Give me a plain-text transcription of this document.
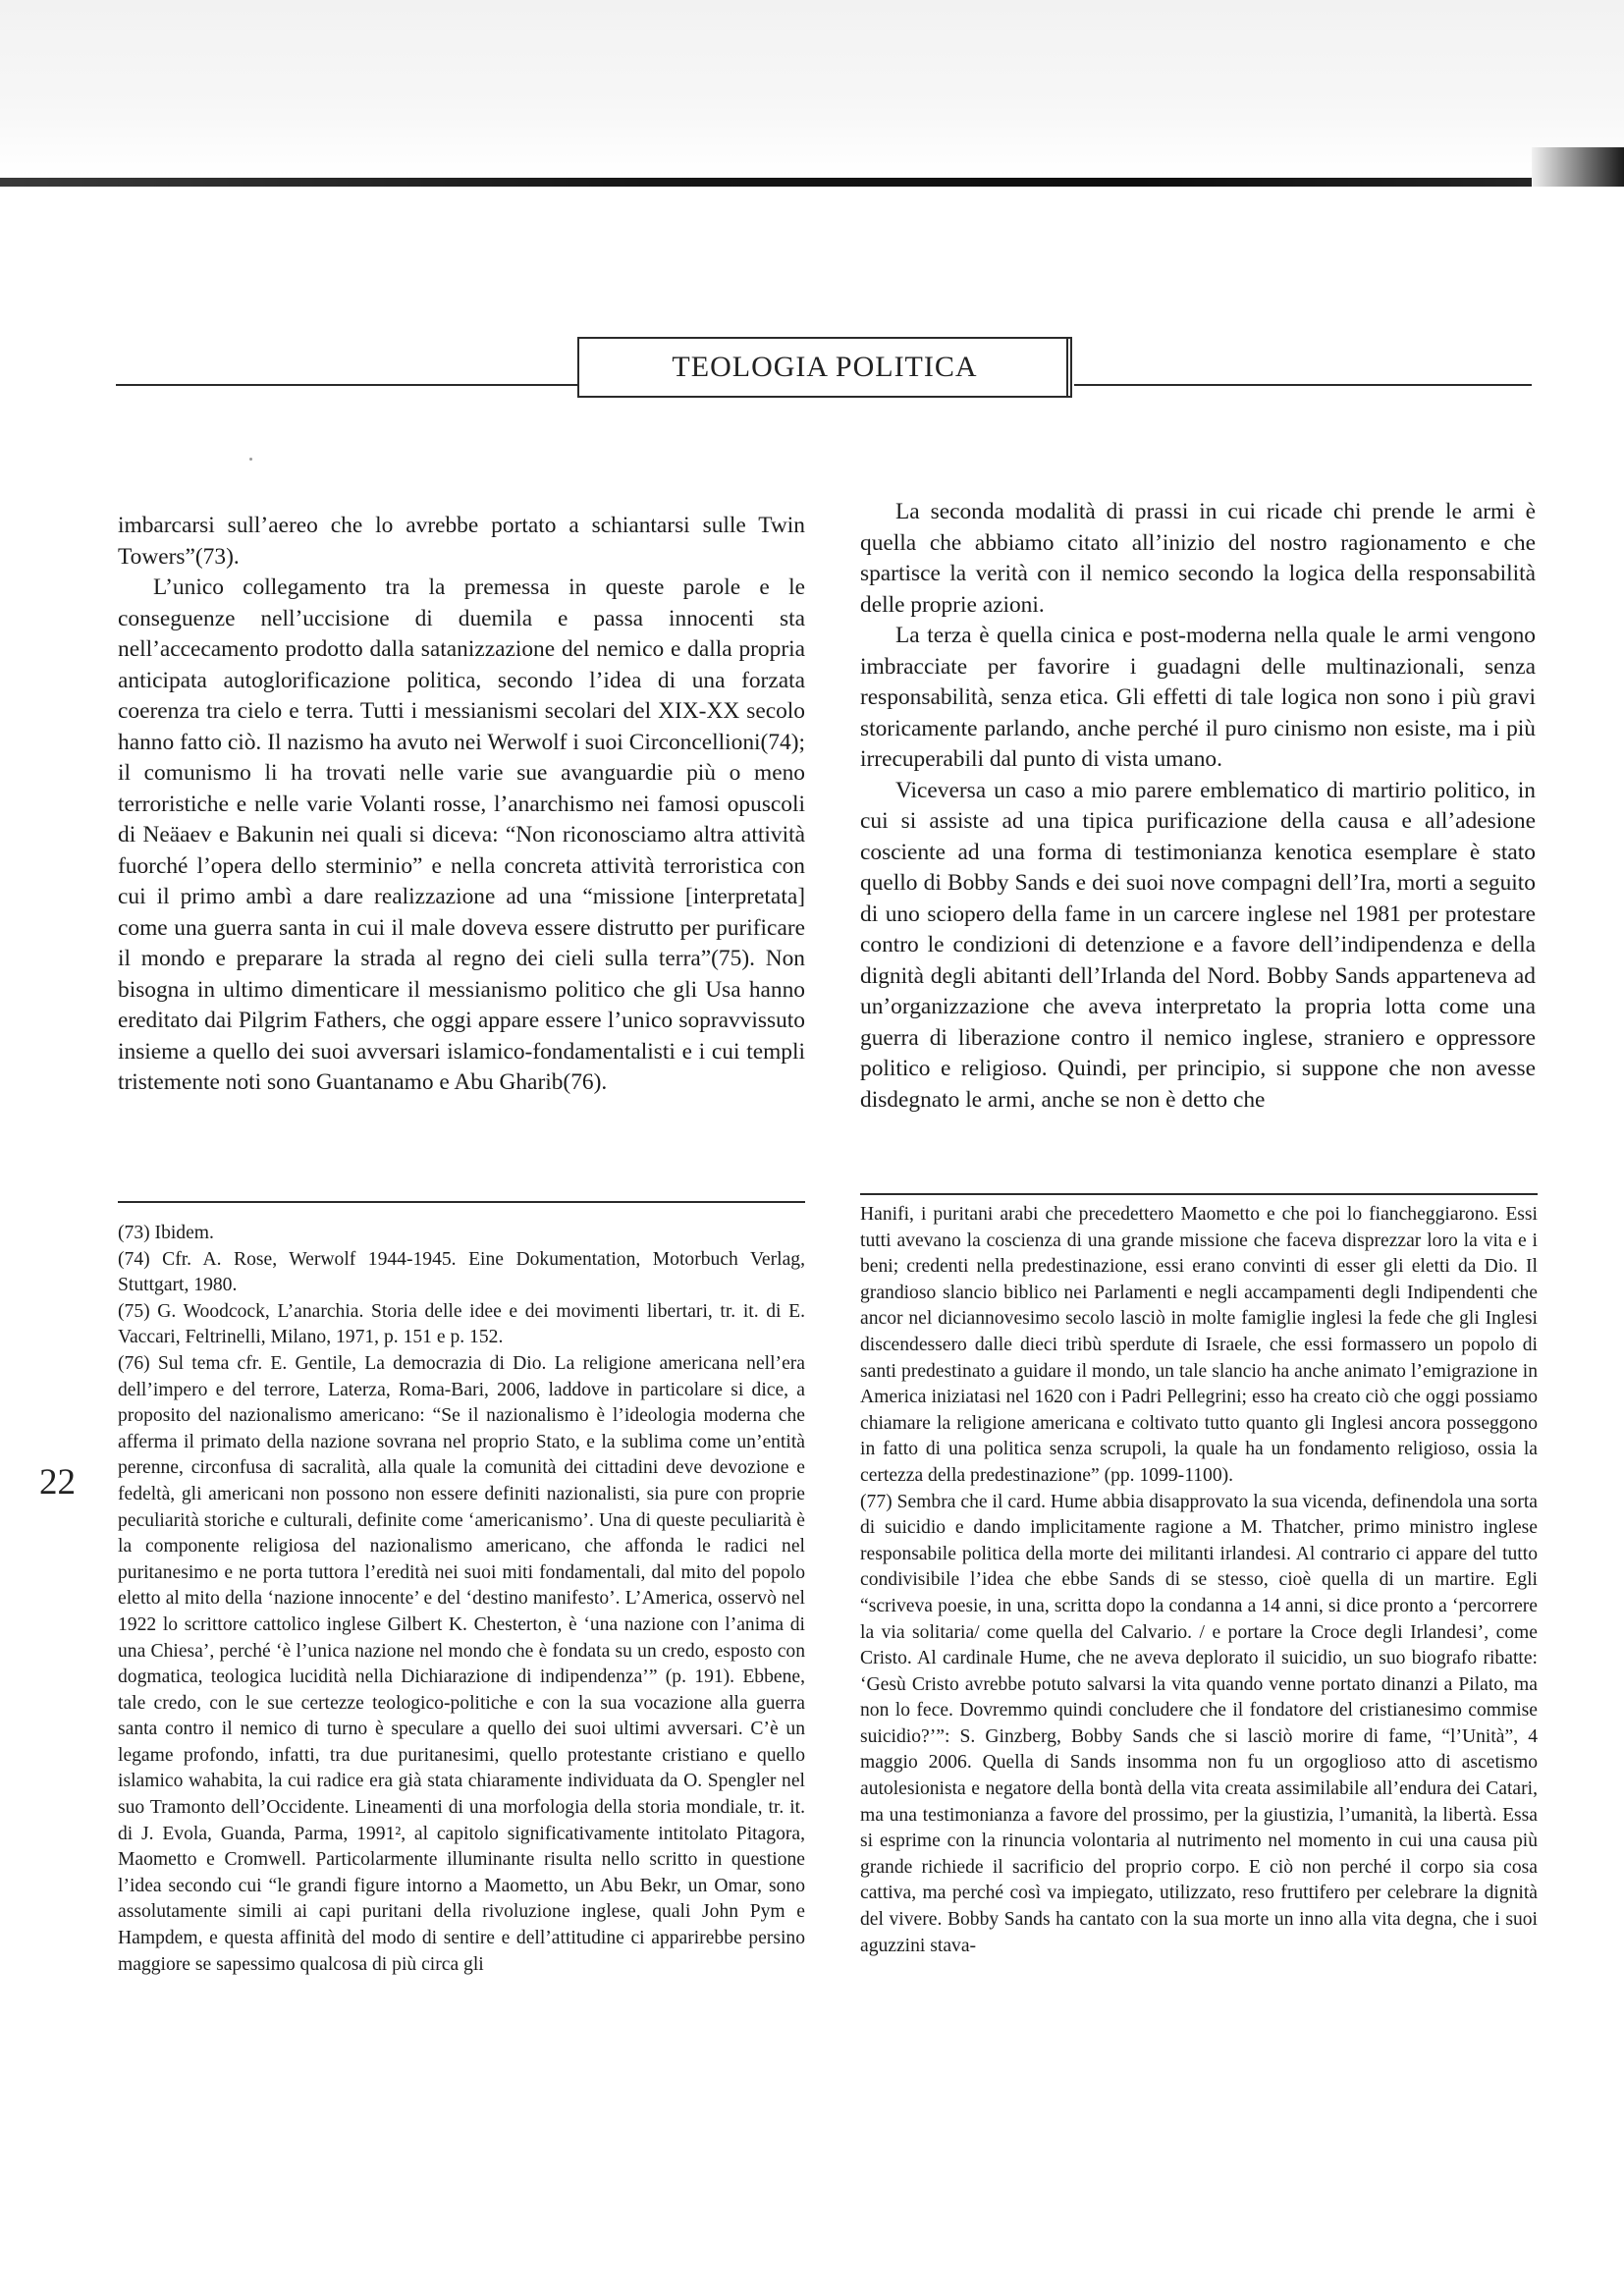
TEOLOGIA POLITICA

imbarcarsi sull’aereo che lo avrebbe portato a schiantarsi sulle Twin Towers”(73).

L’unico collegamento tra la premessa in queste parole e le conseguenze nell’uccisione di duemila e passa innocenti sta nell’accecamento prodotto dalla satanizzazione del nemico e dalla propria anticipata autoglorificazione politica, secondo l’idea di una forzata coerenza tra cielo e terra. Tutti i messianismi secolari del XIX-XX secolo hanno fatto ciò. Il nazismo ha avuto nei Werwolf i suoi Circoncellioni(74); il comunismo li ha trovati nelle varie sue avanguardie più o meno terroristiche e nelle varie Volanti rosse, l’anarchismo nei famosi opuscoli di Neäaev e Bakunin nei quali si diceva: “Non riconosciamo altra attività fuorché l’opera dello sterminio” e nella concreta attività terroristica con cui il primo ambì a dare realizzazione ad una “missione [interpretata] come una guerra santa in cui il male doveva essere distrutto per purificare il mondo e preparare la strada al regno dei cieli sulla terra”(75). Non bisogna in ultimo dimenticare il messianismo politico che gli Usa hanno ereditato dai Pilgrim Fathers, che oggi appare essere l’unico sopravvissuto insieme a quello dei suoi avversari islamico-fondamentalisti e i cui templi tristemente noti sono Guantanamo e Abu Gharib(76).

La seconda modalità di prassi in cui ricade chi prende le armi è quella che abbiamo citato all’inizio del nostro ragionamento e che spartisce la verità con il nemico secondo la logica della responsabilità delle proprie azioni.

La terza è quella cinica e post-moderna nella quale le armi vengono imbracciate per favorire i guadagni delle multinazionali, senza responsabilità, senza etica. Gli effetti di tale logica non sono i più gravi storicamente parlando, anche perché il puro cinismo non esiste, ma i più irrecuperabili dal punto di vista umano.

Viceversa un caso a mio parere emblematico di martirio politico, in cui si assiste ad una tipica purificazione della causa e all’adesione cosciente ad una forma di testimonianza kenotica esemplare è stato quello di Bobby Sands e dei suoi nove compagni dell’Ira, morti a seguito di uno sciopero della fame in un carcere inglese nel 1981 per protestare contro le condizioni di detenzione e a favore dell’indipendenza e della dignità degli abitanti dell’Irlanda del Nord. Bobby Sands apparteneva ad un’organizzazione che aveva interpretato la propria lotta come una guerra di liberazione contro il nemico inglese, straniero e oppressore politico e religioso. Quindi, per principio, si suppone che non avesse disdegnato le armi, anche se non è detto che

(73) Ibidem.

(74) Cfr. A. Rose, Werwolf 1944-1945. Eine Dokumentation, Motorbuch Verlag, Stuttgart, 1980.

(75) G. Woodcock, L’anarchia. Storia delle idee e dei movimenti libertari, tr. it. di E. Vaccari, Feltrinelli, Milano, 1971, p. 151 e p. 152.

(76) Sul tema cfr. E. Gentile, La democrazia di Dio. La religione americana nell’era dell’impero e del terrore, Laterza, Roma-Bari, 2006, laddove in particolare si dice, a proposito del nazionalismo americano: “Se il nazionalismo è l’ideologia moderna che afferma il primato della nazione sovrana nel proprio Stato, e la sublima come un’entità perenne, circonfusa di sacralità, alla quale la comunità dei cittadini deve devozione e fedeltà, gli americani non possono non essere definiti nazionalisti, sia pure con proprie peculiarità storiche e culturali, definite come ‘americanismo’. Una di queste peculiarità è la componente religiosa del nazionalismo americano, che affonda le radici nel puritanesimo e ne porta tuttora l’eredità nei suoi miti fondamentali, dal mito del popolo eletto al mito della ‘nazione innocente’ e del ‘destino manifesto’. L’America, osservò nel 1922 lo scrittore cattolico inglese Gilbert K. Chesterton, è ‘una nazione con l’anima di una Chiesa’, perché ‘è l’unica nazione nel mondo che è fondata su un credo, esposto con dogmatica, teologica lucidità nella Dichiarazione di indipendenza’” (p. 191). Ebbene, tale credo, con le sue certezze teologico-politiche e con la sua vocazione alla guerra santa contro il nemico di turno è speculare a quello dei suoi ultimi avversari. C’è un legame profondo, infatti, tra due puritanesimi, quello protestante cristiano e quello islamico wahabita, la cui radice era già stata chiaramente individuata da O. Spengler nel suo Tramonto dell’Occidente. Lineamenti di una morfologia della storia mondiale, tr. it. di J. Evola, Guanda, Parma, 1991², al capitolo significativamente intitolato Pitagora, Maometto e Cromwell. Particolarmente illuminante risulta nello scritto in questione l’idea secondo cui “le grandi figure intorno a Maometto, un Abu Bekr, un Omar, sono assolutamente simili ai capi puritani della rivoluzione inglese, quali John Pym e Hampdem, e questa affinità del modo di sentire e dell’attitudine ci apparirebbe persino maggiore se sapessimo qualcosa di più circa gli

Hanifi, i puritani arabi che precedettero Maometto e che poi lo fiancheggiarono. Essi tutti avevano la coscienza di una grande missione che faceva disprezzar loro la vita e i beni; credenti nella predestinazione, essi erano convinti di esser gli eletti da Dio. Il grandioso slancio biblico nei Parlamenti e negli accampamenti degli Indipendenti che ancor nel diciannovesimo secolo lasciò in molte famiglie inglesi la fede che gli Inglesi discendessero dalle dieci tribù sperdute di Israele, che essi formassero un popolo di santi predestinato a guidare il mondo, un tale slancio ha anche animato l’emigrazione in America iniziatasi nel 1620 con i Padri Pellegrini; esso ha creato ciò che oggi possiamo chiamare la religione americana e coltivato tutto quanto gli Inglesi ancora posseggono in fatto di una politica senza scrupoli, la quale ha un fondamento religioso, ossia la certezza della predestinazione” (pp. 1099-1100).

(77) Sembra che il card. Hume abbia disapprovato la sua vicenda, definendola una sorta di suicidio e dando implicitamente ragione a M. Thatcher, primo ministro inglese responsabile politica della morte dei militanti irlandesi. Al contrario ci appare del tutto condivisibile l’idea che ebbe Sands di se stesso, cioè quella di un martire. Egli “scriveva poesie, in una, scritta dopo la condanna a 14 anni, si dice pronto a ‘percorrere la via solitaria/ come quella del Calvario. / e portare la Croce degli Irlandesi’, come Cristo. Al cardinale Hume, che ne aveva deplorato il suicidio, un suo biografo ribatte: ‘Gesù Cristo avrebbe potuto salvarsi la vita quando venne portato dinanzi a Pilato, ma non lo fece. Dovremmo quindi concludere che il fondatore del cristianesimo commise suicidio?’”: S. Ginzberg, Bobby Sands che si lasciò morire di fame, “l’Unità”, 4 maggio 2006. Quella di Sands insomma non fu un orgoglioso atto di ascetismo autolesionista e negatore della bontà della vita creata assimilabile all’endura dei Catari, ma una testimonianza a favore del prossimo, per la giustizia, l’umanità, la libertà. Essa si esprime con la rinuncia volontaria al nutrimento nel momento in cui una causa più grande richiede il sacrificio del proprio corpo. E ciò non perché il corpo sia cosa cattiva, ma perché così va impiegato, utilizzato, reso fruttifero per celebrare la dignità del vivere. Bobby Sands ha cantato con la sua morte un inno alla vita degna, che i suoi aguzzini stava-

22
